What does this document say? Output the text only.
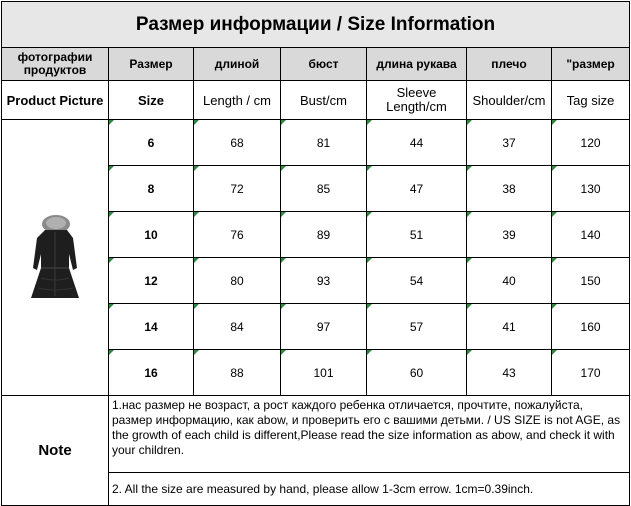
Размер информации / Size Information						
фотографии продуктов	Размер	длиной	бюст	длина рукава	плечо	"размер
Product Picture	Size	Length / cm	Bust/cm	Sleeve Length/cm	Shoulder/cm	Tag size

	6	68	81	44	37	120

	8	72	85	47	38	130

	10	76	89	51	39	140

	12	80	93	54	40	150

	14	84	97	57	41	160

	16	88	101	60	43	170

Note	1.нас размер не возраст, а рост каждого ребенка отличается, прочтите, пожалуйста, размер информацию, как abow, и проверить его с вашими детьми. / US SIZE is not AGE, as the growth of each child is different,Please read the size information as abow, and check it with your children.					
	2. All the size are measured by hand, please allow 1-3cm errow. 1cm=0.39inch.					
